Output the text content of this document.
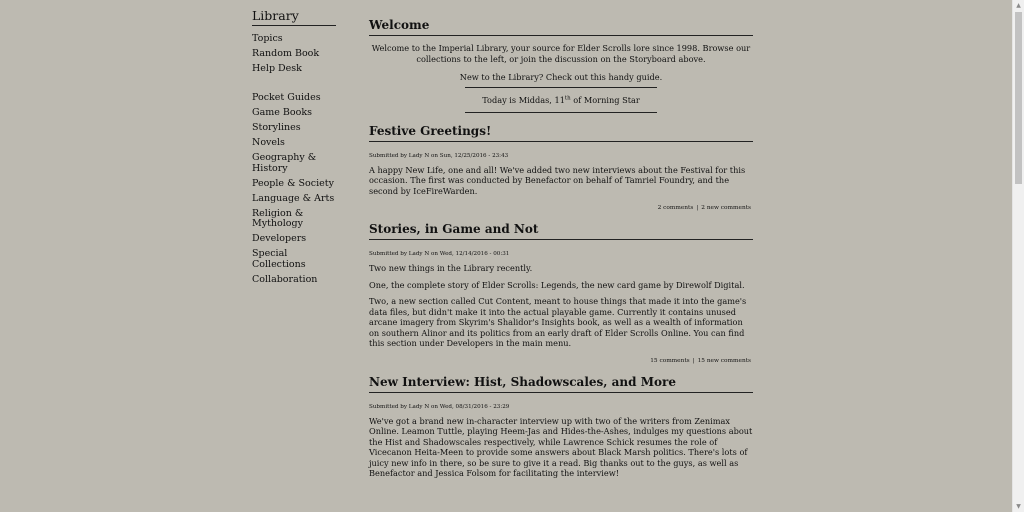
Library
Topics
Random Book
Help Desk
Pocket Guides
Game Books
Storylines
Novels
Geography & History
People & Society
Language & Arts
Religion & Mythology
Developers
Special Collections
Collaboration
Welcome

Welcome to the Imperial Library, your source for Elder Scrolls lore since 1998. Browse our collections to the left, or join the discussion on the Storyboard above.

New to the Library? Check out this handy guide.

Today is Middas, 11th of Morning Star
Festive Greetings!
Submitted by Lady N on Sun, 12/25/2016 - 23:43

A happy New Life, one and all! We've added two new interviews about the Festival for this occasion. The first was conducted by Benefactor on behalf of Tamriel Foundry, and the second by IceFireWarden.

2 comments | 2 new comments
Stories, in Game and Not
Submitted by Lady N on Wed, 12/14/2016 - 00:31

Two new things in the Library recently.

One, the complete story of Elder Scrolls: Legends, the new card game by Direwolf Digital.

Two, a new section called Cut Content, meant to house things that made it into the game's data files, but didn't make it into the actual playable game. Currently it contains unused arcane imagery from Skyrim's Shalidor's Insights book, as well as a wealth of information on southern Alinor and its politics from an early draft of Elder Scrolls Online. You can find this section under Developers in the main menu.

15 comments | 15 new comments
New Interview: Hist, Shadowscales, and More
Submitted by Lady N on Wed, 08/31/2016 - 23:29

We've got a brand new in-character interview up with two of the writers from Zenimax Online. Leamon Tuttle, playing Heem-Jas and Hides-the-Ashes, indulges my questions about the Hist and Shadowscales respectively, while Lawrence Schick resumes the role of Vicecanon Heita-Meen to provide some answers about Black Marsh politics. There's lots of juicy new info in there, so be sure to give it a read. Big thanks out to the guys, as well as Benefactor and Jessica Folsom for facilitating the interview!

▲
▼
